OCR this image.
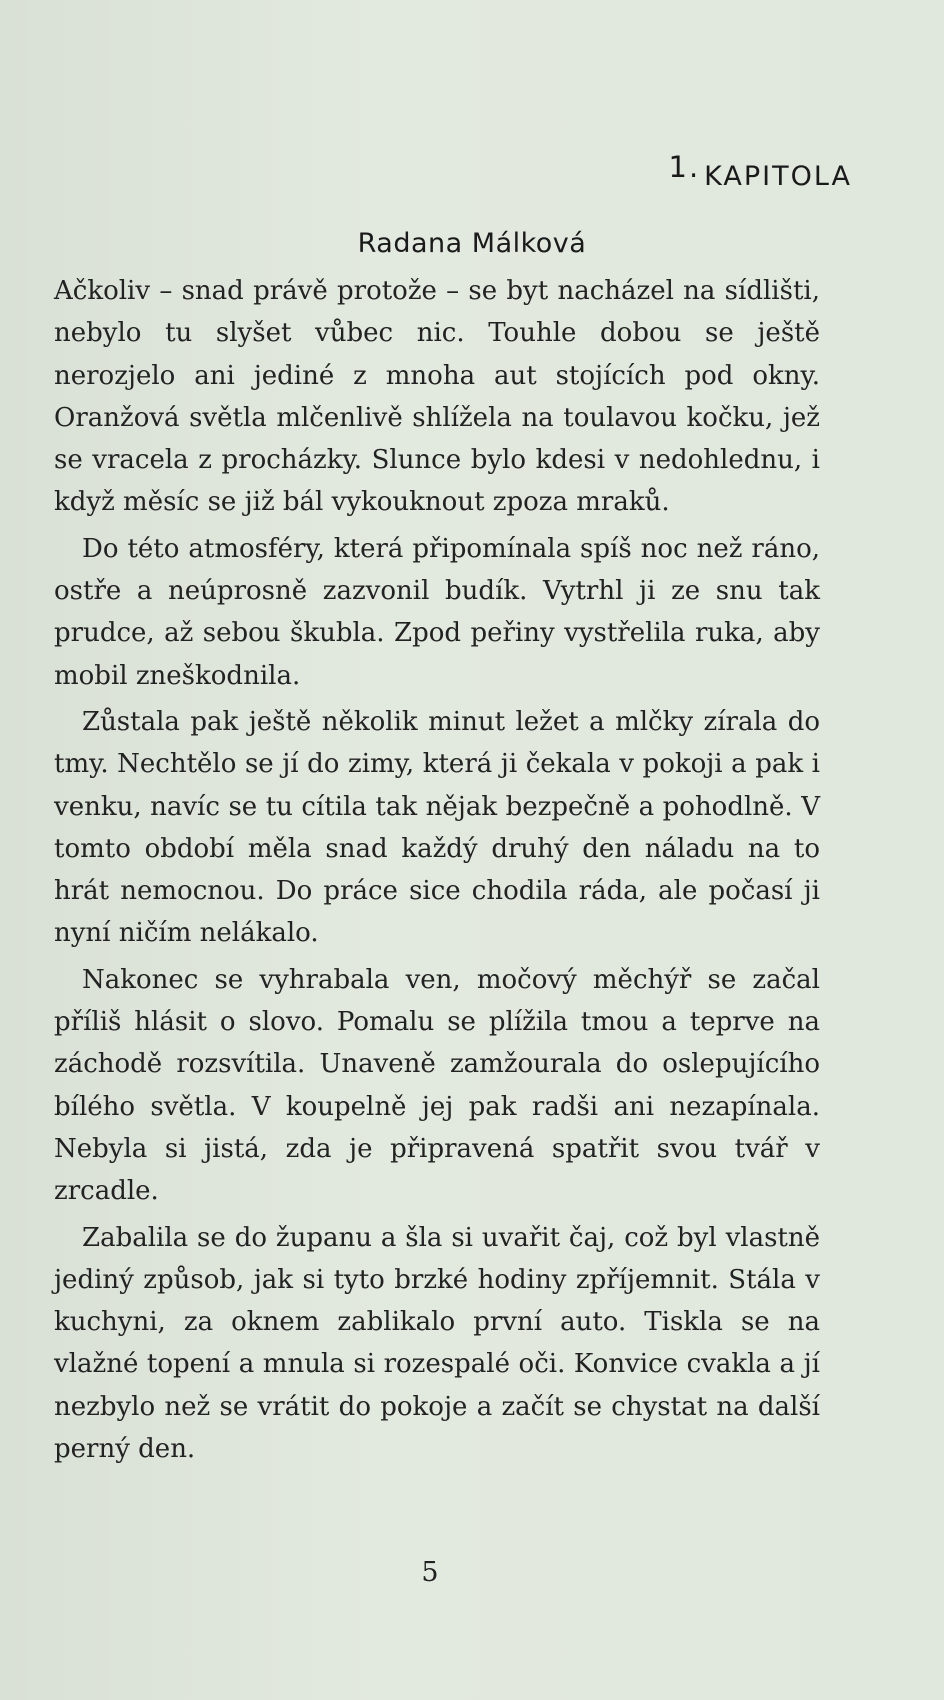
1. KAPITOLA
Radana Málková

Ačkoliv – snad právě protože – se byt nacházel na sídlišti, nebylo tu slyšet vůbec nic. Touhle dobou se ještě nerozjelo ani jediné z mnoha aut stojících pod okny. Oranžová světla mlčenlivě shlížela na toulavou kočku, jež se vracela z procházky. Slunce bylo kdesi v nedohlednu, i když měsíc se již bál vykouknout zpoza mraků.

Do této atmosféry, která připomínala spíš noc než ráno, ostře a neúprosně zazvonil budík. Vytrhl ji ze snu tak prudce, až sebou škubla. Zpod peřiny vystřelila ruka, aby mobil zneškodnila.

Zůstala pak ještě několik minut ležet a mlčky zírala do tmy. Nechtělo se jí do zimy, která ji čekala v pokoji a pak i venku, navíc se tu cítila tak nějak bezpečně a pohodlně. V tomto období měla snad každý druhý den náladu na to hrát nemocnou. Do práce sice chodila ráda, ale počasí ji nyní ničím nelákalo.

Nakonec se vyhrabala ven, močový měchýř se začal příliš hlásit o slovo. Pomalu se plížila tmou a teprve na záchodě rozsvítila. Unaveně zamžourala do oslepujícího bílého světla. V koupelně jej pak radši ani nezapínala. Nebyla si jistá, zda je připravená spatřit svou tvář v zrcadle.

Zabalila se do županu a šla si uvařit čaj, což byl vlastně jediný způsob, jak si tyto brzké hodiny zpříjemnit. Stála v kuchyni, za oknem zablikalo první auto. Tiskla se na vlažné topení a mnula si rozespalé oči. Konvice cvakla a jí nezbylo než se vrátit do pokoje a začít se chystat na další perný den.

5
